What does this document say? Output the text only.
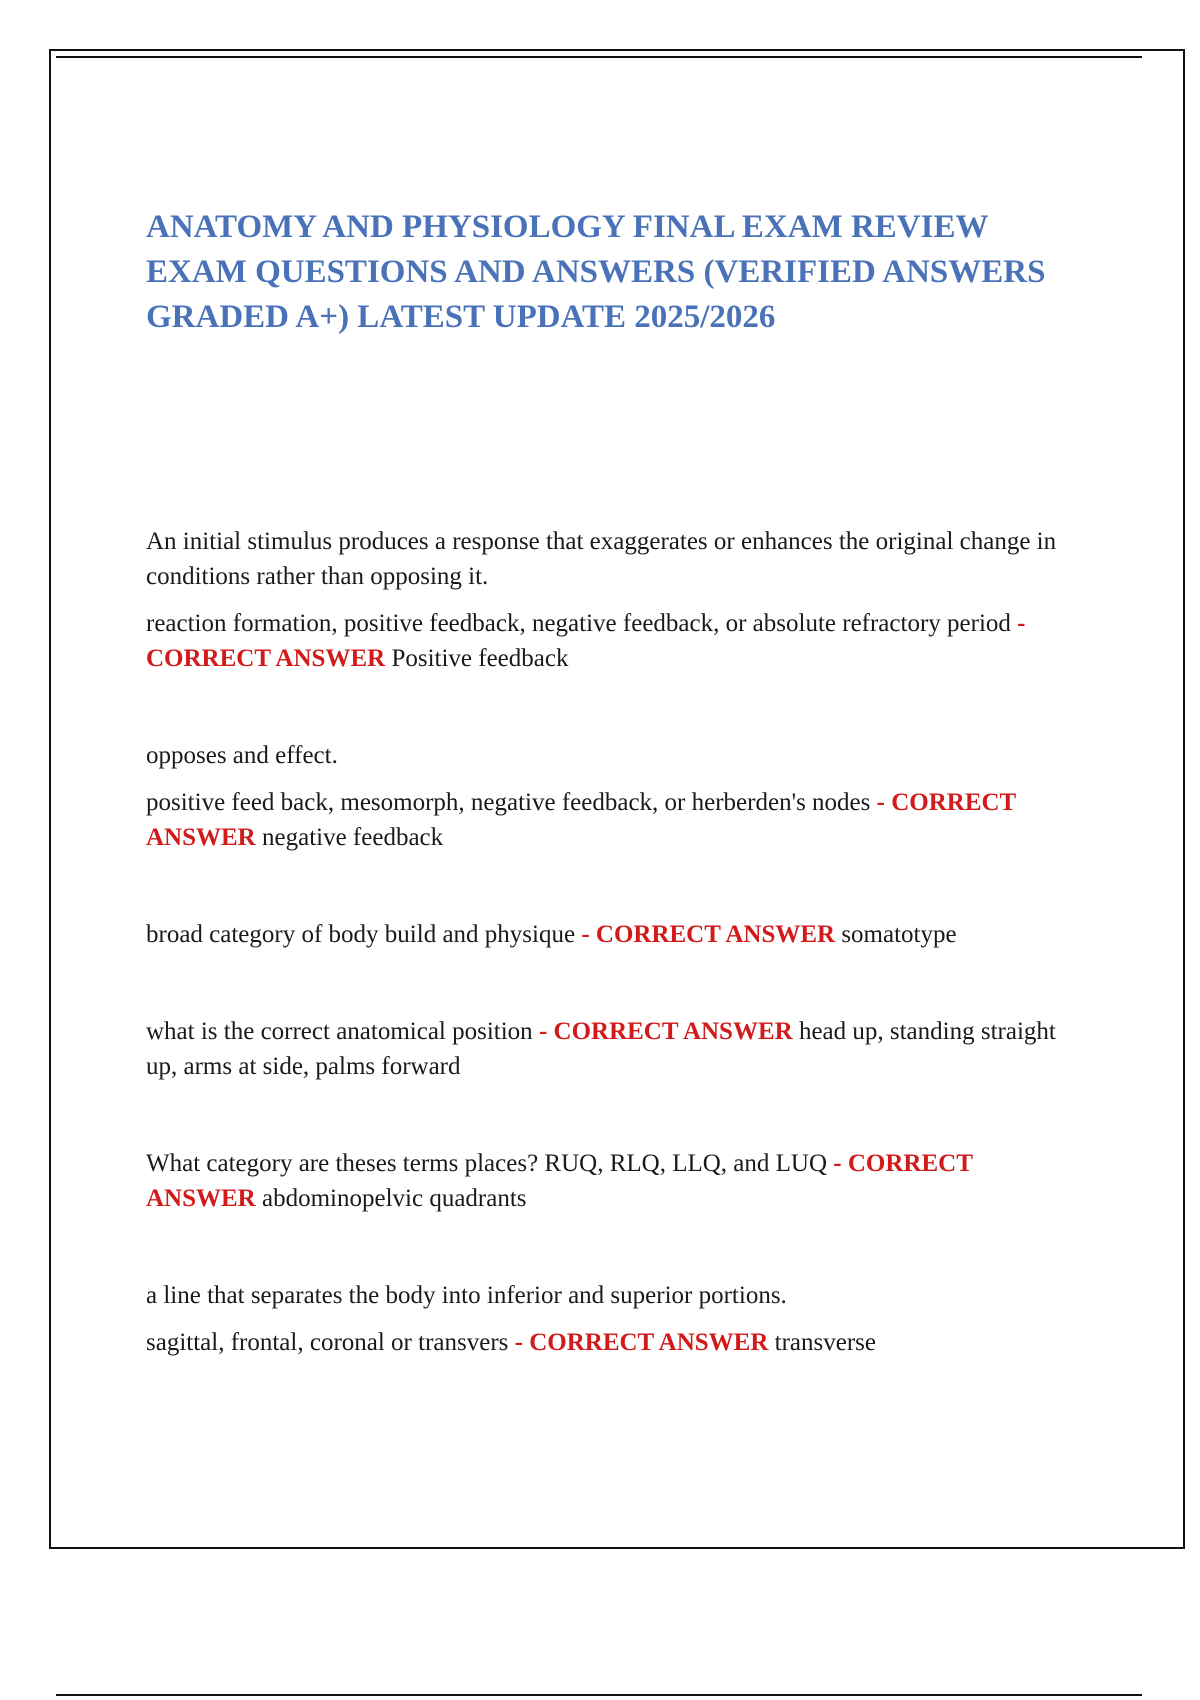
ANATOMY AND PHYSIOLOGY FINAL EXAM REVIEW EXAM QUESTIONS AND ANSWERS (VERIFIED ANSWERS GRADED A+) LATEST UPDATE 2025/2026

An initial stimulus produces a response that exaggerates or enhances the original change in conditions rather than opposing it.

reaction formation, positive feedback, negative feedback, or absolute refractory period - CORRECT ANSWER Positive feedback

opposes and effect.

positive feed back, mesomorph, negative feedback, or herberden's nodes - CORRECT ANSWER negative feedback

broad category of body build and physique - CORRECT ANSWER somatotype

what is the correct anatomical position - CORRECT ANSWER head up, standing straight up, arms at side, palms forward

What category are theses terms places? RUQ, RLQ, LLQ, and LUQ - CORRECT ANSWER abdominopelvic quadrants

a line that separates the body into inferior and superior portions.

sagittal, frontal, coronal or transvers - CORRECT ANSWER transverse
